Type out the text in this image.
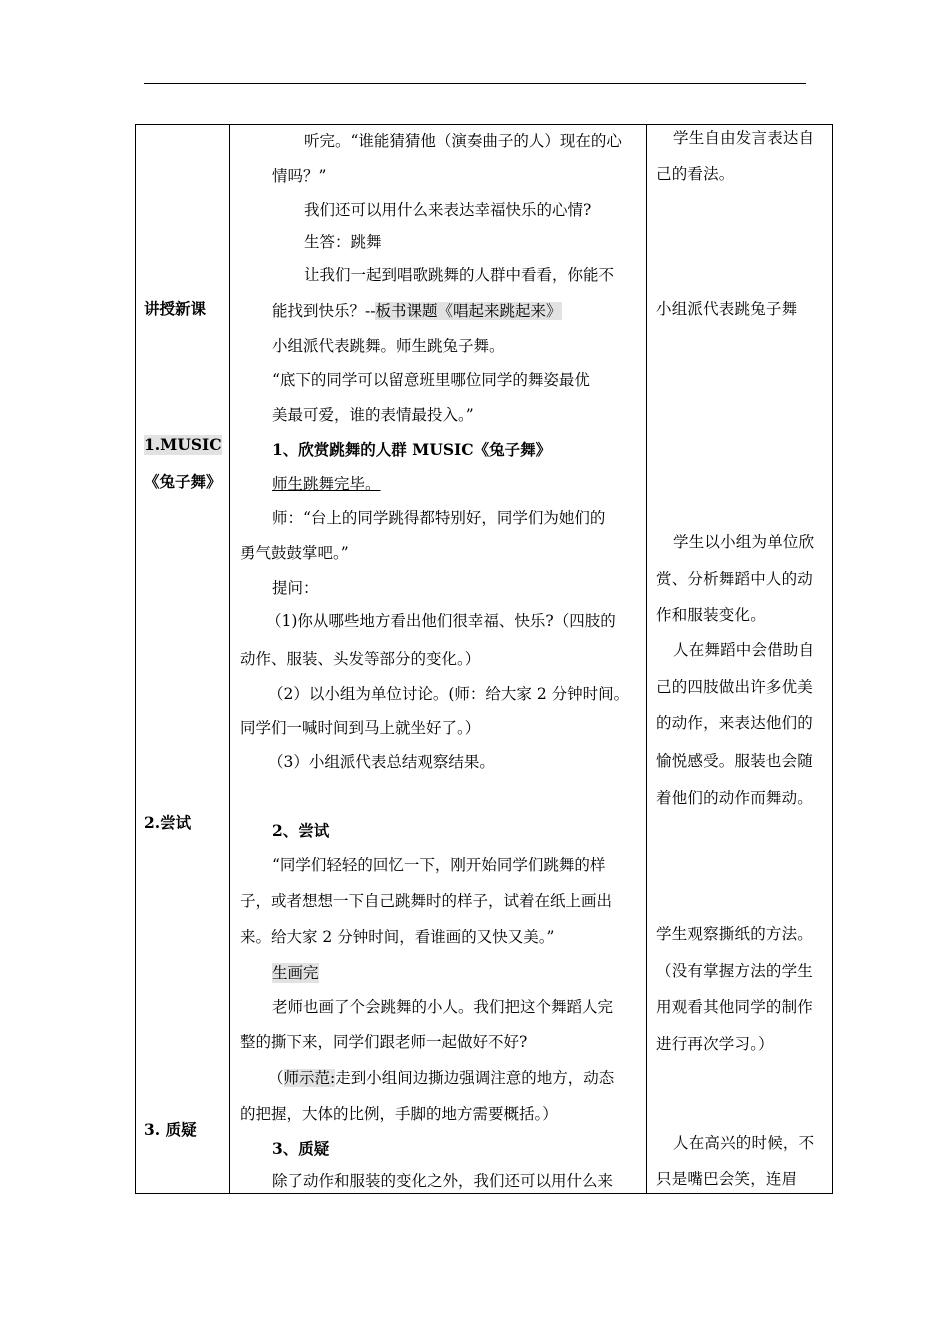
讲授新课
1.MUSIC
《兔子舞》
2.尝试
3. 质疑
听完。“谁能猜猜他（演奏曲子的人）现在的心
情吗？”
我们还可以用什么来表达幸福快乐的心情?
生答：跳舞
让我们一起到唱歌跳舞的人群中看看，你能不
能找到快乐？--板书课题《唱起来跳起来》
小组派代表跳舞。师生跳兔子舞。
“底下的同学可以留意班里哪位同学的舞姿最优
美最可爱，谁的表情最投入。”
1、欣赏跳舞的人群 MUSIC《兔子舞》
师生跳舞完毕。
师：“台上的同学跳得都特别好，同学们为她们的
勇气鼓鼓掌吧。”
提问：
（1)你从哪些地方看出他们很幸福、快乐?（四肢的
动作、服装、头发等部分的变化。）
（2）以小组为单位讨论。(师：给大家 2 分钟时间。
同学们一喊时间到马上就坐好了。）
（3）小组派代表总结观察结果。
2、尝试
“同学们轻轻的回忆一下，刚开始同学们跳舞的样
子，或者想想一下自己跳舞时的样子，试着在纸上画出
来。给大家 2 分钟时间，看谁画的又快又美。”
生画完
老师也画了个会跳舞的小人。我们把这个舞蹈人完
整的撕下来，同学们跟老师一起做好不好?
（师示范:走到小组间边撕边强调注意的地方，动态
的把握，大体的比例，手脚的地方需要概括。）
3、质疑
除了动作和服装的变化之外，我们还可以用什么来
学生自由发言表达自
己的看法。
小组派代表跳兔子舞
学生以小组为单位欣
赏、分析舞蹈中人的动
作和服装变化。
人在舞蹈中会借助自
己的四肢做出许多优美
的动作，来表达他们的
愉悦感受。服装也会随
着他们的动作而舞动。
学生观察撕纸的方法。
（没有掌握方法的学生
用观看其他同学的制作
进行再次学习。）
人在高兴的时候，不
只是嘴巴会笑，连眉
